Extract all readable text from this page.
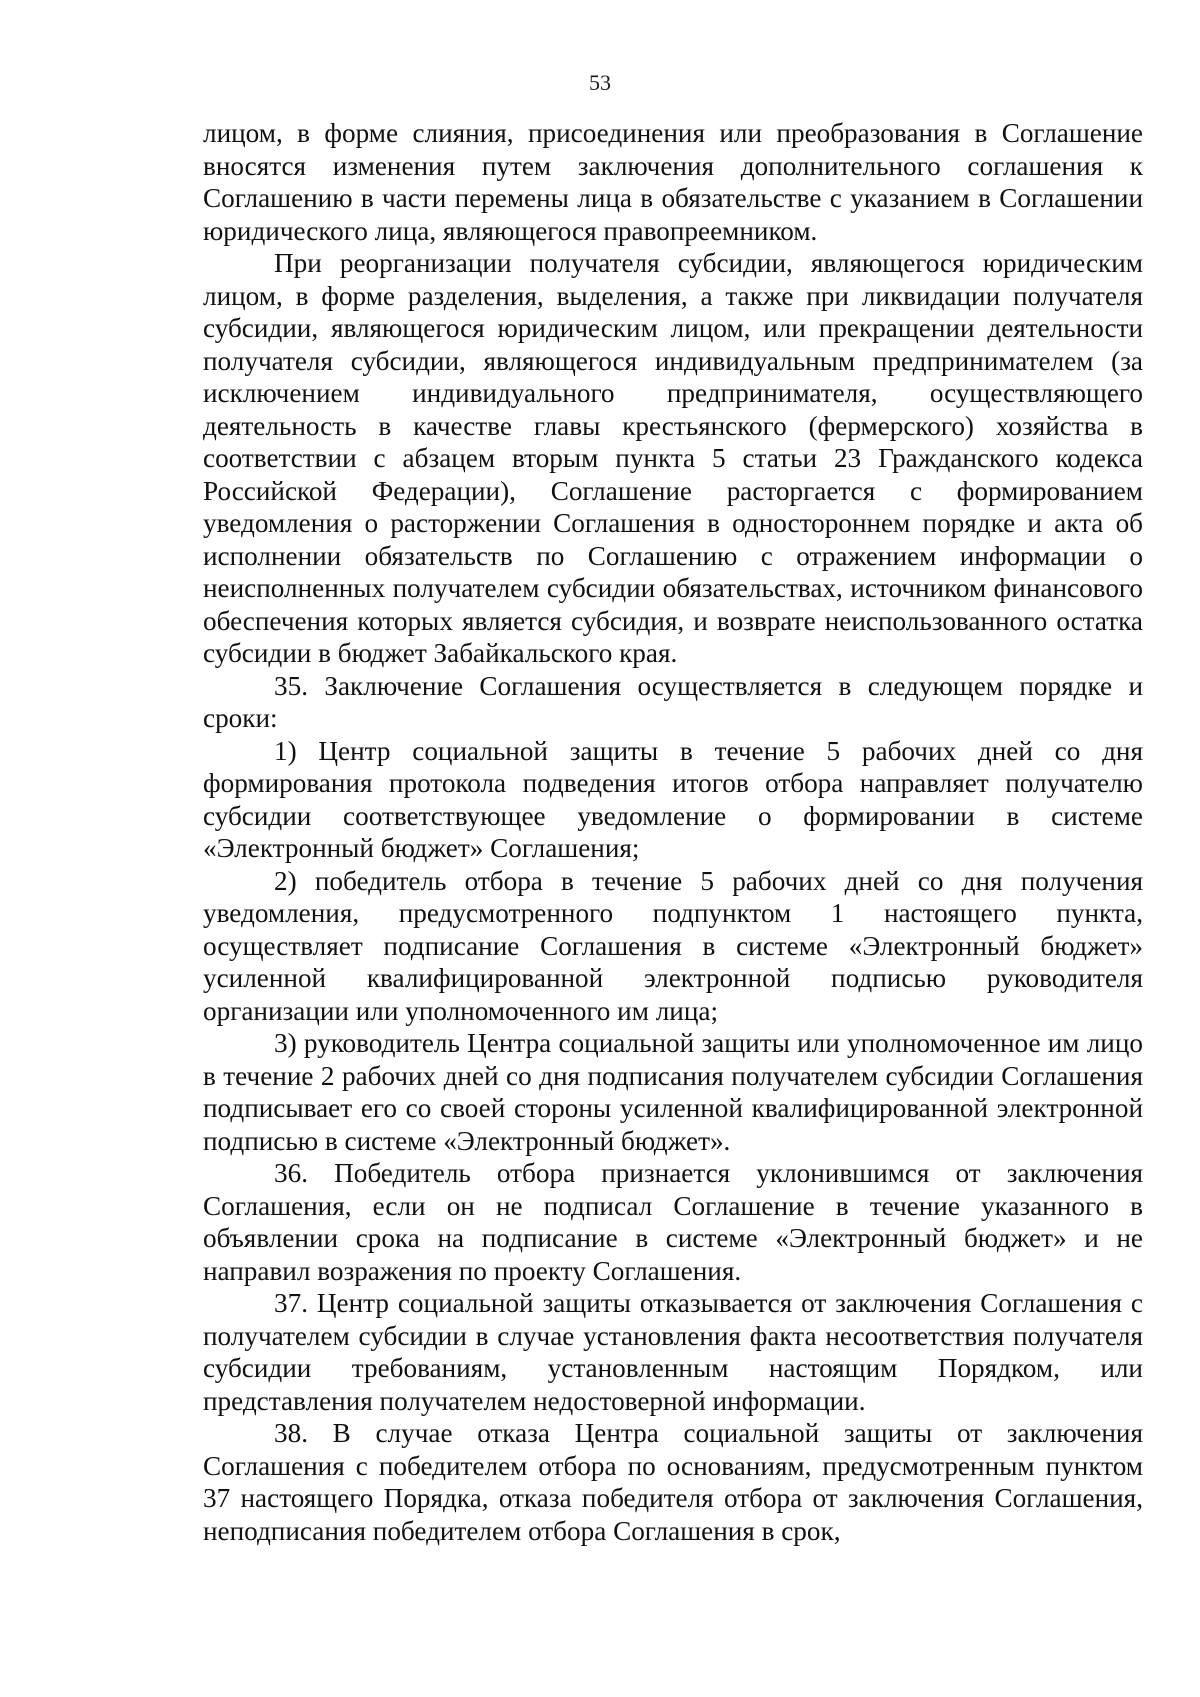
53

лицом, в форме слияния, присоединения или преобразования в Соглашение вносятся изменения путем заключения дополнительного соглашения к Соглашению в части перемены лица в обязательстве с указанием в Соглашении юридического лица, являющегося правопреемником.

При реорганизации получателя субсидии, являющегося юридическим лицом, в форме разделения, выделения, а также при ликвидации получателя субсидии, являющегося юридическим лицом, или прекращении деятельности получателя субсидии, являющегося индивидуальным предпринимателем (за исключением индивидуального предпринимателя, осуществляющего деятельность в качестве главы крестьянского (фермерского) хозяйства в соответствии с абзацем вторым пункта 5 статьи 23 Гражданского кодекса Российской Федерации), Соглашение расторгается с формированием уведомления о расторжении Соглашения в одностороннем порядке и акта об исполнении обязательств по Соглашению с отражением информации о неисполненных получателем субсидии обязательствах, источником финансового обеспечения которых является субсидия, и возврате неиспользованного остатка субсидии в бюджет Забайкальского края.

35. Заключение Соглашения осуществляется в следующем порядке и сроки:

1) Центр социальной защиты в течение 5 рабочих дней со дня формирования протокола подведения итогов отбора направляет получателю субсидии соответствующее уведомление о формировании в системе «Электронный бюджет» Соглашения;

2) победитель отбора в течение 5 рабочих дней со дня получения уведомления, предусмотренного подпунктом 1 настоящего пункта, осуществляет подписание Соглашения в системе «Электронный бюджет» усиленной квалифицированной электронной подписью руководителя организации или уполномоченного им лица;

3) руководитель Центра социальной защиты или уполномоченное им лицо в течение 2 рабочих дней со дня подписания получателем субсидии Соглашения подписывает его со своей стороны усиленной квалифицированной электронной подписью в системе «Электронный бюджет».

36. Победитель отбора признается уклонившимся от заключения Соглашения, если он не подписал Соглашение в течение указанного в объявлении срока на подписание в системе «Электронный бюджет» и не направил возражения по проекту Соглашения.

37. Центр социальной защиты отказывается от заключения Соглашения с получателем субсидии в случае установления факта несоответствия получателя субсидии требованиям, установленным настоящим Порядком, или представления получателем недостоверной информации.

38. В случае отказа Центра социальной защиты от заключения Соглашения с победителем отбора по основаниям, предусмотренным пунктом 37 настоящего Порядка, отказа победителя отбора от заключения Соглашения, неподписания победителем отбора Соглашения в срок,
